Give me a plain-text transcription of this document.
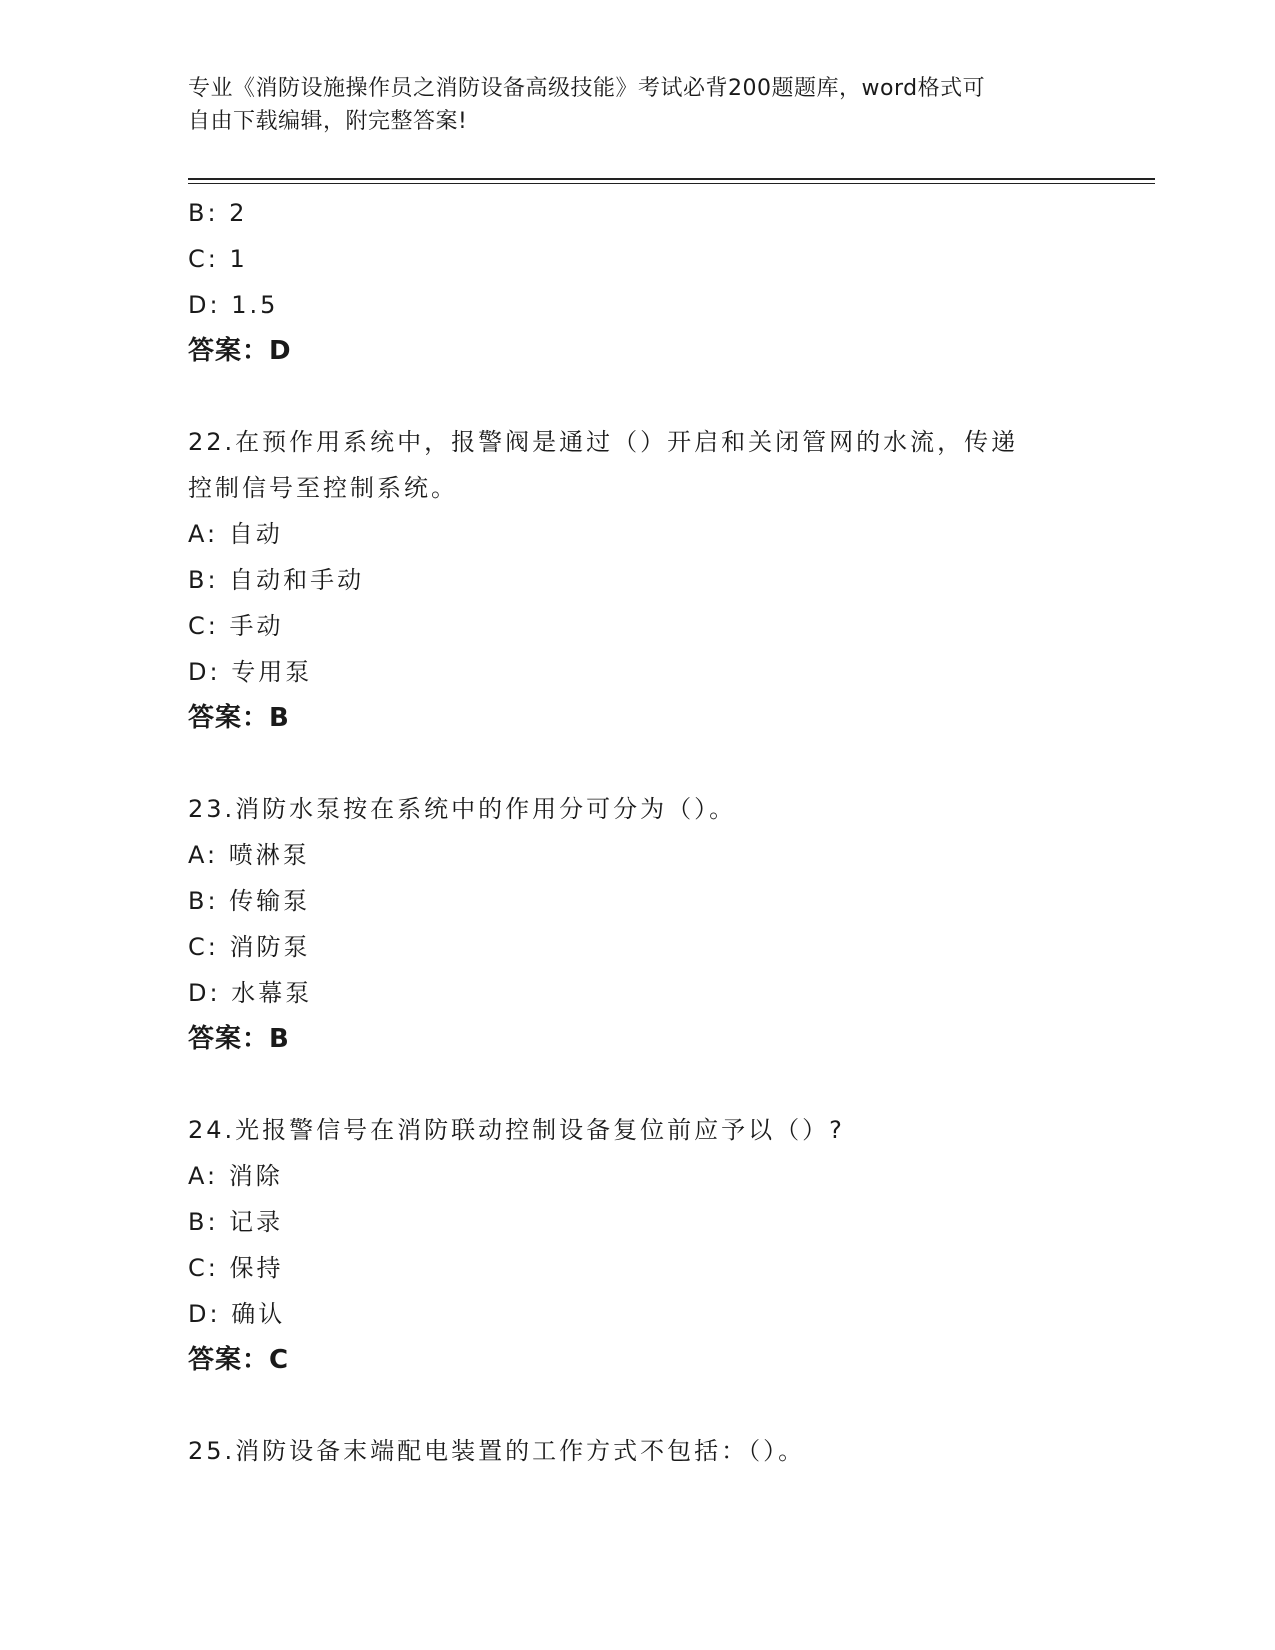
专业《消防设施操作员之消防设备高级技能》考试必背200题题库，word格式可
自由下载编辑，附完整答案!
B: 2
C: 1
D: 1.5
答案：D
22.在预作用系统中，报警阀是通过（）开启和关闭管网的水流，传递
控制信号至控制系统。
A: 自动
B: 自动和手动
C: 手动
D: 专用泵
答案：B
23.消防水泵按在系统中的作用分可分为（）。
A: 喷淋泵
B: 传输泵
C: 消防泵
D: 水幕泵
答案：B
24.光报警信号在消防联动控制设备复位前应予以（）?
A: 消除
B: 记录
C: 保持
D: 确认
答案：C
25.消防设备末端配电装置的工作方式不包括：（）。
